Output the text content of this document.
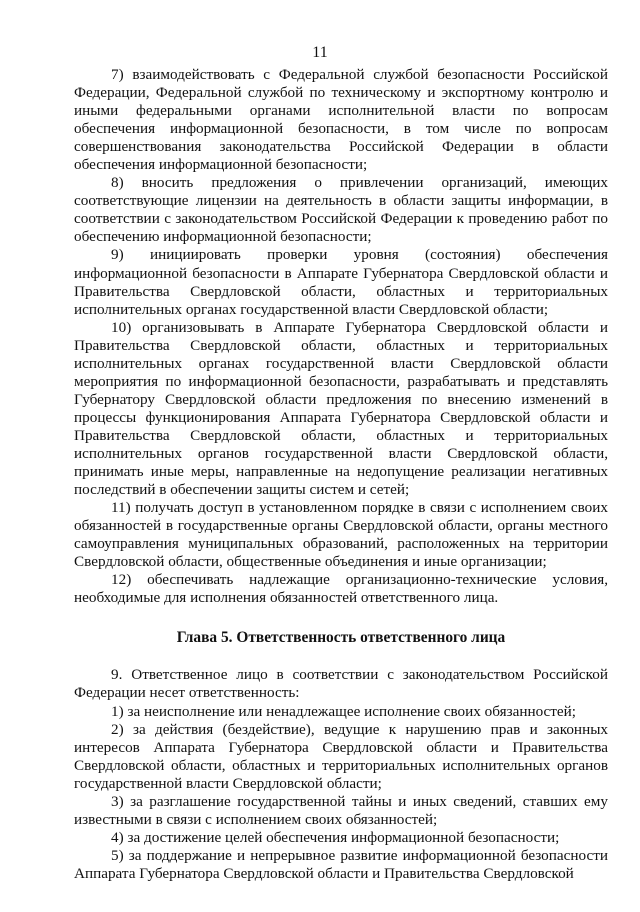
11

7) взаимодействовать с Федеральной службой безопасности Российской Федерации, Федеральной службой по техническому и экспортному контролю и иными федеральными органами исполнительной власти по вопросам обеспечения информационной безопасности, в том числе по вопросам совершенствования законодательства Российской Федерации в области обеспечения информационной безопасности;

8) вносить предложения о привлечении организаций, имеющих соответствующие лицензии на деятельность в области защиты информации, в соответствии с законодательством Российской Федерации к проведению работ по обеспечению информационной безопасности;

9) инициировать проверки уровня (состояния) обеспечения информационной безопасности в Аппарате Губернатора Свердловской области и Правительства Свердловской области, областных и территориальных исполнительных органах государственной власти Свердловской области;

10) организовывать в Аппарате Губернатора Свердловской области и Правительства Свердловской области, областных и территориальных исполнительных органах государственной власти Свердловской области мероприятия по информационной безопасности, разрабатывать и представлять Губернатору Свердловской области предложения по внесению изменений в процессы функционирования Аппарата Губернатора Свердловской области и Правительства Свердловской области, областных и территориальных исполнительных органов государственной власти Свердловской области, принимать иные меры, направленные на недопущение реализации негативных последствий в обеспечении защиты систем и сетей;

11) получать доступ в установленном порядке в связи с исполнением своих обязанностей в государственные органы Свердловской области, органы местного самоуправления муниципальных образований, расположенных на территории Свердловской области, общественные объединения и иные организации;

12) обеспечивать надлежащие организационно-технические условия, необходимые для исполнения обязанностей ответственного лица.

Глава 5. Ответственность ответственного лица

9. Ответственное лицо в соответствии с законодательством Российской Федерации несет ответственность:

1) за неисполнение или ненадлежащее исполнение своих обязанностей;

2) за действия (бездействие), ведущие к нарушению прав и законных интересов Аппарата Губернатора Свердловской области и Правительства Свердловской области, областных и территориальных исполнительных органов государственной власти Свердловской области;

3) за разглашение государственной тайны и иных сведений, ставших ему известными в связи с исполнением своих обязанностей;

4) за достижение целей обеспечения информационной безопасности;

5) за поддержание и непрерывное развитие информационной безопасности Аппарата Губернатора Свердловской области и Правительства Свердловской
